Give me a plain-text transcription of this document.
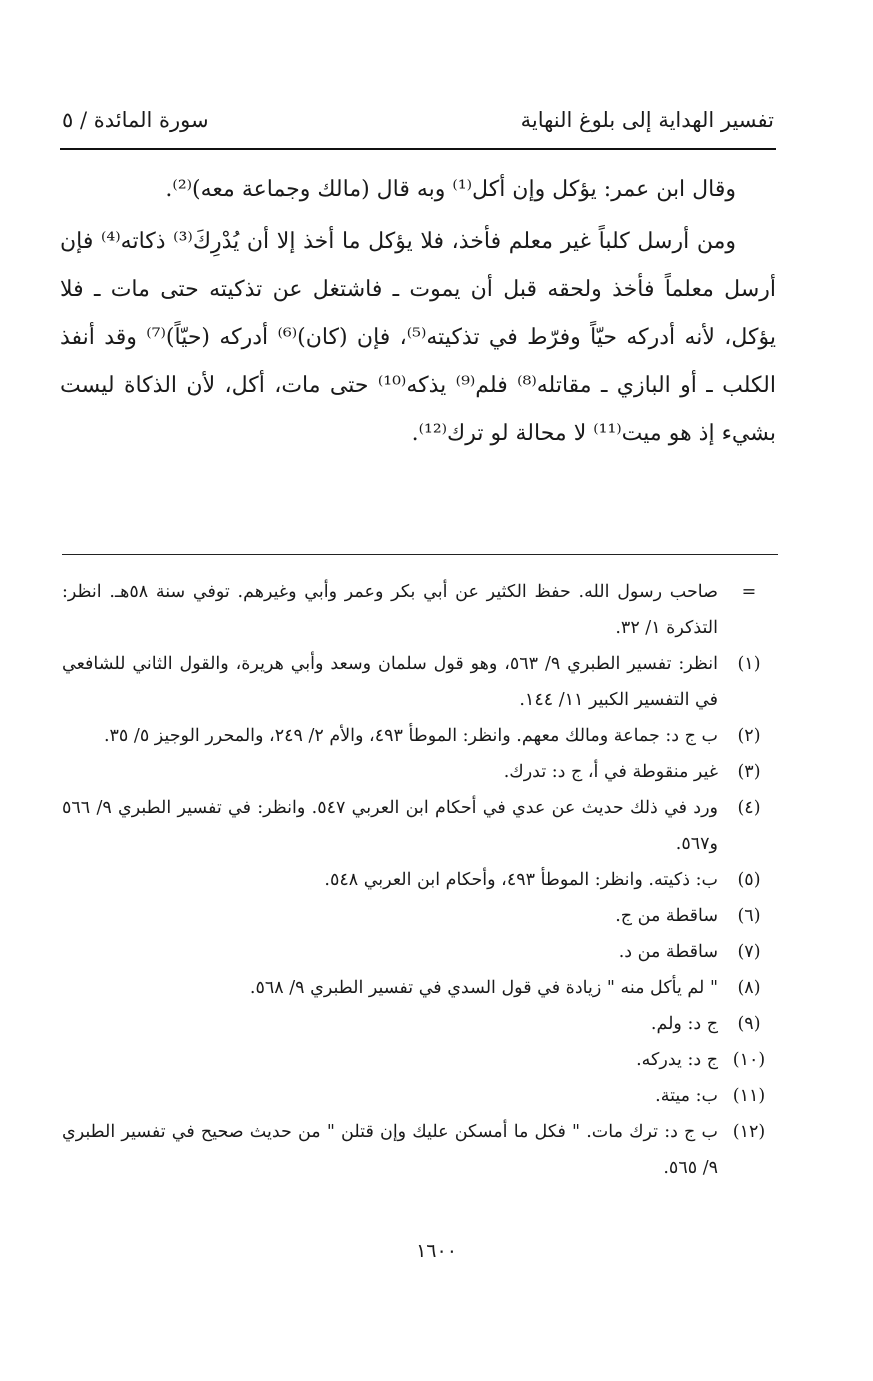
تفسير الهداية إلى بلوغ النهاية
سورة المائدة / ٥

وقال ابن عمر: يؤكل وإن أكل⁽¹⁾ وبه قال (مالك وجماعة معه)⁽²⁾.

ومن أرسل كلباً غير معلم فأخذ، فلا يؤكل ما أخذ إلا أن يُدْرِكَ⁽³⁾ ذكاته⁽⁴⁾ فإن أرسل معلماً فأخذ ولحقه قبل أن يموت ـ فاشتغل عن تذكيته حتى مات ـ فلا يؤكل، لأنه أدركه حيّاً وفرّط في تذكيته⁽⁵⁾، فإن (كان)⁽⁶⁾ أدركه (حيّاً)⁽⁷⁾ وقد أنفذ الكلب ـ أو البازي ـ مقاتله⁽⁸⁾ فلم⁽⁹⁾ يذكه⁽¹⁰⁾ حتى مات، أكل، لأن الذكاة ليست بشيء إذ هو ميت⁽¹¹⁾ لا محالة لو ترك⁽¹²⁾.

=
صاحب رسول الله. حفظ الكثير عن أبي بكر وعمر وأبي وغيرهم. توفي سنة ٥٨هـ. انظر: التذكرة ١/ ٣٢.
(١)
انظر: تفسير الطبري ٩/ ٥٦٣، وهو قول سلمان وسعد وأبي هريرة، والقول الثاني للشافعي في التفسير الكبير ١١/ ١٤٤.
(٢)
ب ج د: جماعة ومالك معهم. وانظر: الموطأ ٤٩٣، والأم ٢/ ٢٤٩، والمحرر الوجيز ٥/ ٣٥.
(٣)
غير منقوطة في أ، ج د: تدرك.
(٤)
ورد في ذلك حديث عن عدي في أحكام ابن العربي ٥٤٧. وانظر: في تفسير الطبري ٩/ ٥٦٦ و٥٦٧.
(٥)
ب: ذكيته. وانظر: الموطأ ٤٩٣، وأحكام ابن العربي ٥٤٨.
(٦)
ساقطة من ج.
(٧)
ساقطة من د.
(٨)
" لم يأكل منه " زيادة في قول السدي في تفسير الطبري ٩/ ٥٦٨.
(٩)
ج د: ولم.
(١٠)
ج د: يدركه.
(١١)
ب: ميتة.
(١٢)
ب ج د: ترك مات. " فكل ما أمسكن عليك وإن قتلن " من حديث صحيح في تفسير الطبري ٩/ ٥٦٥.
١٦٠٠
